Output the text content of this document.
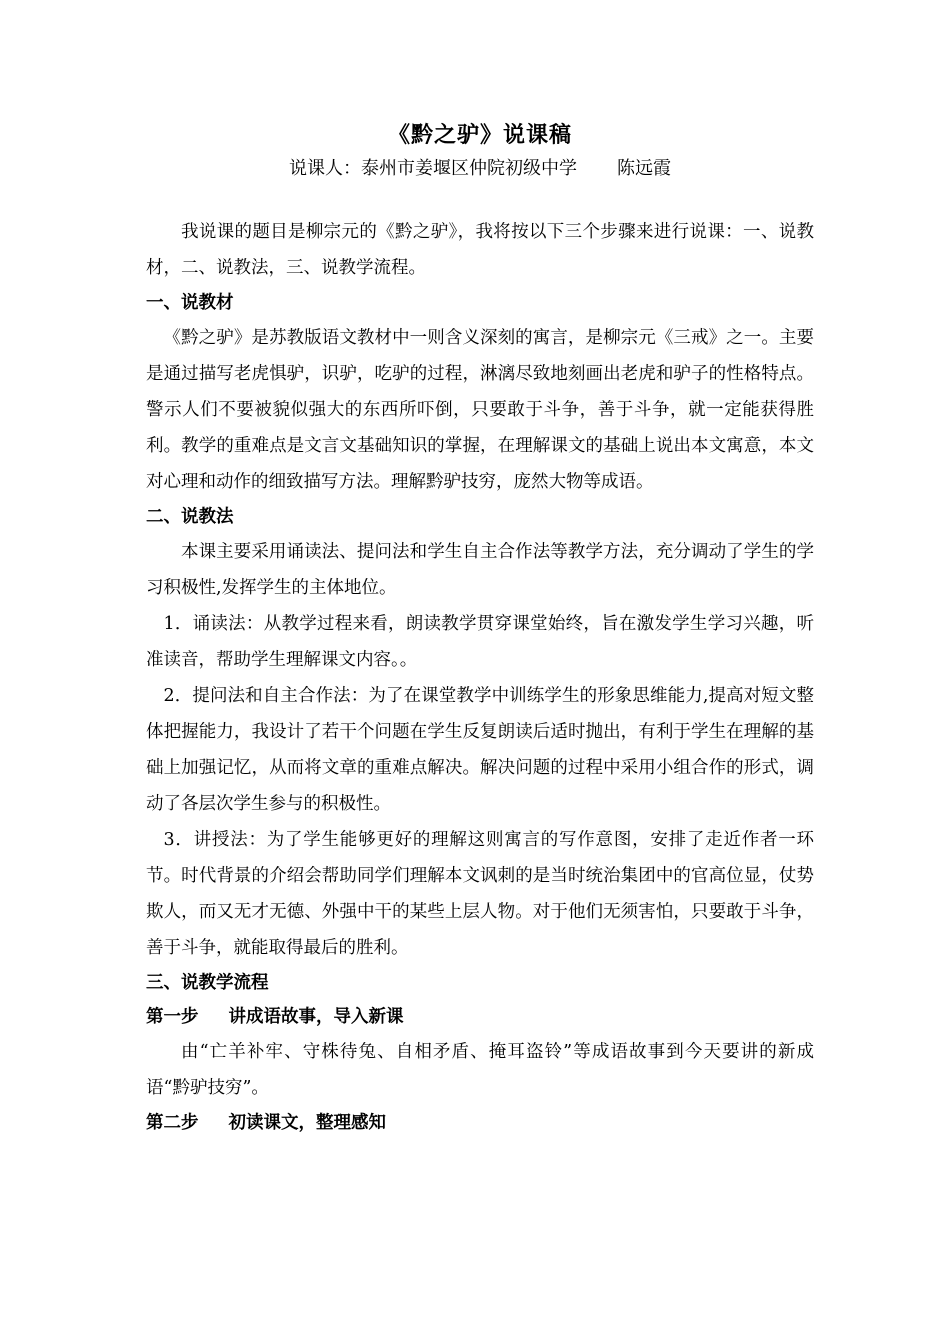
《黔之驴》说课稿
说课人：泰州市姜堰区仲院初级中学 陈远霞

我说课的题目是柳宗元的《黔之驴》，我将按以下三个步骤来进行说课：一、说教材，二、说教法，三、说教学流程。

一、说教材

《黔之驴》是苏教版语文教材中一则含义深刻的寓言，是柳宗元《三戒》之一。主要是通过描写老虎惧驴，识驴，吃驴的过程，淋漓尽致地刻画出老虎和驴子的性格特点。警示人们不要被貌似强大的东西所吓倒，只要敢于斗争，善于斗争，就一定能获得胜利。教学的重难点是文言文基础知识的掌握，在理解课文的基础上说出本文寓意，本文对心理和动作的细致描写方法。理解黔驴技穷，庞然大物等成语。

二、说教法

本课主要采用诵读法、提问法和学生自主合作法等教学方法，充分调动了学生的学习积极性,发挥学生的主体地位。

1．诵读法：从教学过程来看，朗读教学贯穿课堂始终，旨在激发学生学习兴趣，听准读音，帮助学生理解课文内容。。

2．提问法和自主合作法：为了在课堂教学中训练学生的形象思维能力,提高对短文整体把握能力，我设计了若干个问题在学生反复朗读后适时抛出，有利于学生在理解的基础上加强记忆，从而将文章的重难点解决。解决问题的过程中采用小组合作的形式，调动了各层次学生参与的积极性。

3．讲授法：为了学生能够更好的理解这则寓言的写作意图，安排了走近作者一环节。时代背景的介绍会帮助同学们理解本文讽刺的是当时统治集团中的官高位显，仗势欺人，而又无才无德、外强中干的某些上层人物。对于他们无须害怕，只要敢于斗争，善于斗争，就能取得最后的胜利。

三、说教学流程
第一步 讲成语故事，导入新课

由“亡羊补牢、守株待兔、自相矛盾、掩耳盗铃”等成语故事到今天要讲的新成语“黔驴技穷”。

第二步 初读课文，整理感知
